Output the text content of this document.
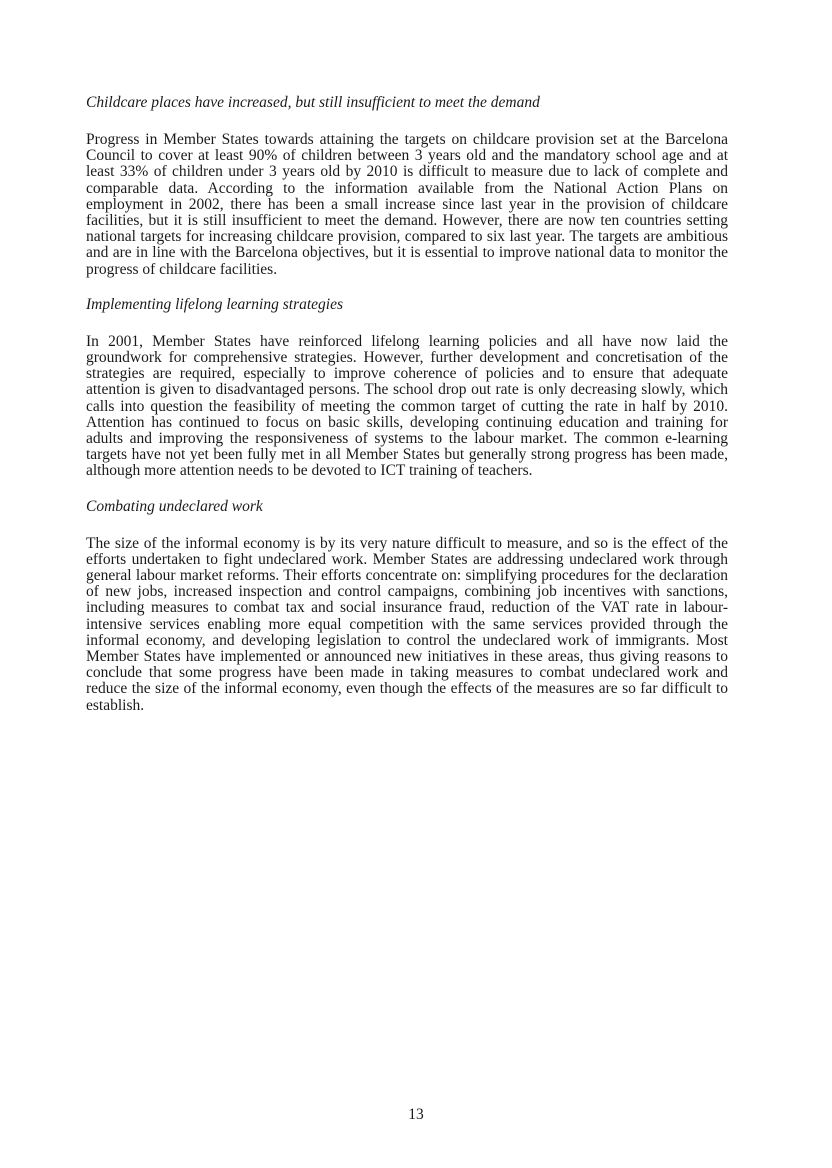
Childcare places have increased, but still insufficient to meet the demand

Progress in Member States towards attaining the targets on childcare provision set at the Barcelona Council to cover at least 90% of children between 3 years old and the mandatory school age and at least 33% of children under 3 years old by 2010 is difficult to measure due to lack of complete and comparable data. According to the information available from the National Action Plans on employment in 2002, there has been a small increase since last year in the provision of childcare facilities, but it is still insufficient to meet the demand. However, there are now ten countries setting national targets for increasing childcare provision, compared to six last year. The targets are ambitious and are in line with the Barcelona objectives, but it is essential to improve national data to monitor the progress of childcare facilities.

Implementing lifelong learning strategies

In 2001, Member States have reinforced lifelong learning policies and all have now laid the groundwork for comprehensive strategies. However, further development and concretisation of the strategies are required, especially to improve coherence of policies and to ensure that adequate attention is given to disadvantaged persons. The school drop out rate is only decreasing slowly, which calls into question the feasibility of meeting the common target of cutting the rate in half by 2010. Attention has continued to focus on basic skills, developing continuing education and training for adults and improving the responsiveness of systems to the labour market. The common e-learning targets have not yet been fully met in all Member States but generally strong progress has been made, although more attention needs to be devoted to ICT training of teachers.

Combating undeclared work

The size of the informal economy is by its very nature difficult to measure, and so is the effect of the efforts undertaken to fight undeclared work. Member States are addressing undeclared work through general labour market reforms. Their efforts concentrate on: simplifying procedures for the declaration of new jobs, increased inspection and control campaigns, combining job incentives with sanctions, including measures to combat tax and social insurance fraud, reduction of the VAT rate in labour-intensive services enabling more equal competition with the same services provided through the informal economy, and developing legislation to control the undeclared work of immigrants. Most Member States have implemented or announced new initiatives in these areas, thus giving reasons to conclude that some progress have been made in taking measures to combat undeclared work and reduce the size of the informal economy, even though the effects of the measures are so far difficult to establish.

13
